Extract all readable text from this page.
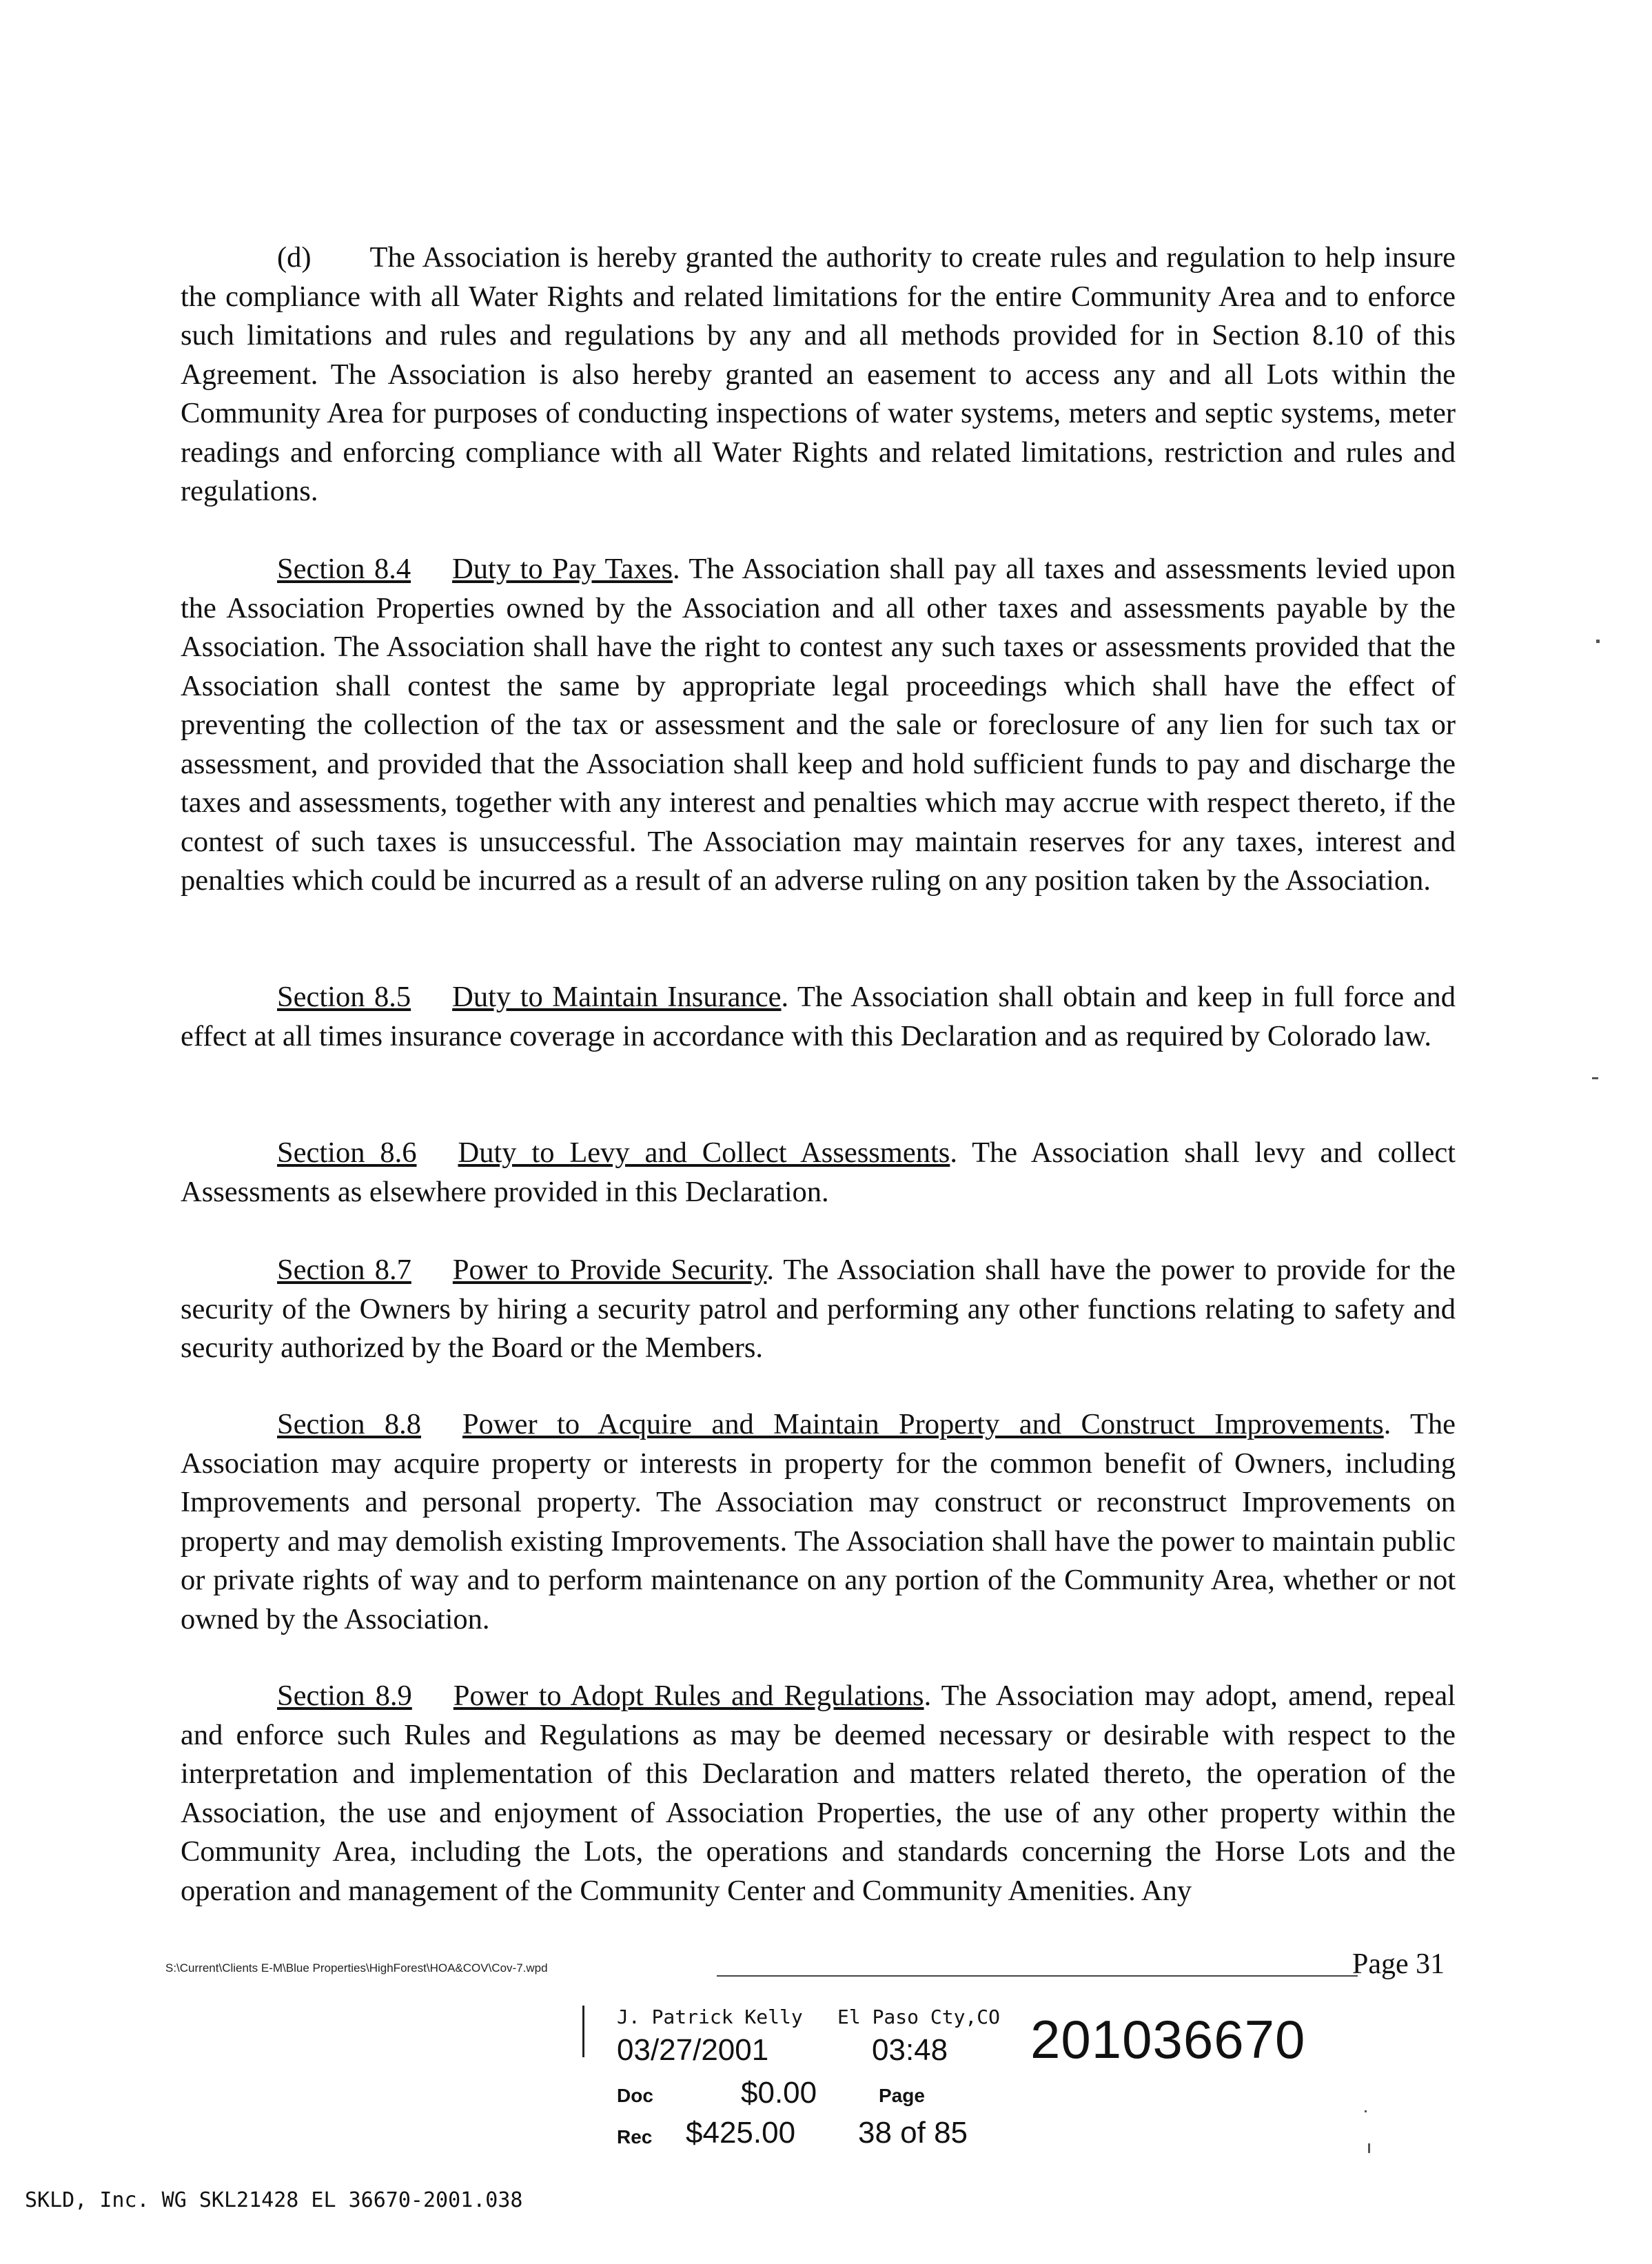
(d)  The Association is hereby granted the authority to create rules and regulation to help insure the compliance with all Water Rights and related limitations for the entire Community Area and to enforce such limitations and rules and regulations by any and all methods provided for in Section 8.10 of this Agreement. The Association is also hereby granted an easement to access any and all Lots within the Community Area for purposes of conducting inspections of water systems, meters and septic systems, meter readings and enforcing compliance with all Water Rights and related limitations, restriction and rules and regulations.

Section 8.4 Duty to Pay Taxes. The Association shall pay all taxes and assessments levied upon the Association Properties owned by the Association and all other taxes and assessments payable by the Association. The Association shall have the right to contest any such taxes or assessments provided that the Association shall contest the same by appropriate legal proceedings which shall have the effect of preventing the collection of the tax or assessment and the sale or foreclosure of any lien for such tax or assessment, and provided that the Association shall keep and hold sufficient funds to pay and discharge the taxes and assessments, together with any interest and penalties which may accrue with respect thereto, if the contest of such taxes is unsuccessful. The Association may maintain reserves for any taxes, interest and penalties which could be incurred as a result of an adverse ruling on any position taken by the Association.

Section 8.5 Duty to Maintain Insurance. The Association shall obtain and keep in full force and effect at all times insurance coverage in accordance with this Declaration and as required by Colorado law.

Section 8.6 Duty to Levy and Collect Assessments. The Association shall levy and collect Assessments as elsewhere provided in this Declaration.

Section 8.7 Power to Provide Security. The Association shall have the power to provide for the security of the Owners by hiring a security patrol and performing any other functions relating to safety and security authorized by the Board or the Members.

Section 8.8 Power to Acquire and Maintain Property and Construct Improvements. The Association may acquire property or interests in property for the common benefit of Owners, including Improvements and personal property. The Association may construct or reconstruct Improvements on property and may demolish existing Improvements. The Association shall have the power to maintain public or private rights of way and to perform maintenance on any portion of the Community Area, whether or not owned by the Association.

Section 8.9 Power to Adopt Rules and Regulations. The Association may adopt, amend, repeal and enforce such Rules and Regulations as may be deemed necessary or desirable with respect to the interpretation and implementation of this Declaration and matters related thereto, the operation of the Association, the use and enjoyment of Association Properties, the use of any other property within the Community Area, including the Lots, the operations and standards concerning the Horse Lots and the operation and management of the Community Center and Community Amenities. Any

S:\Current\Clients E-M\Blue Properties\HighForest\HOA&COV\Cov-7.wpd	Page 31
J. Patrick Kelly El Paso Cty,CO 201036670
03/27/2001	03:48
Doc	$0.00	Page
Rec $425.00 38 of 85
SKLD, Inc. WG SKL21428 EL 36670-2001.038
